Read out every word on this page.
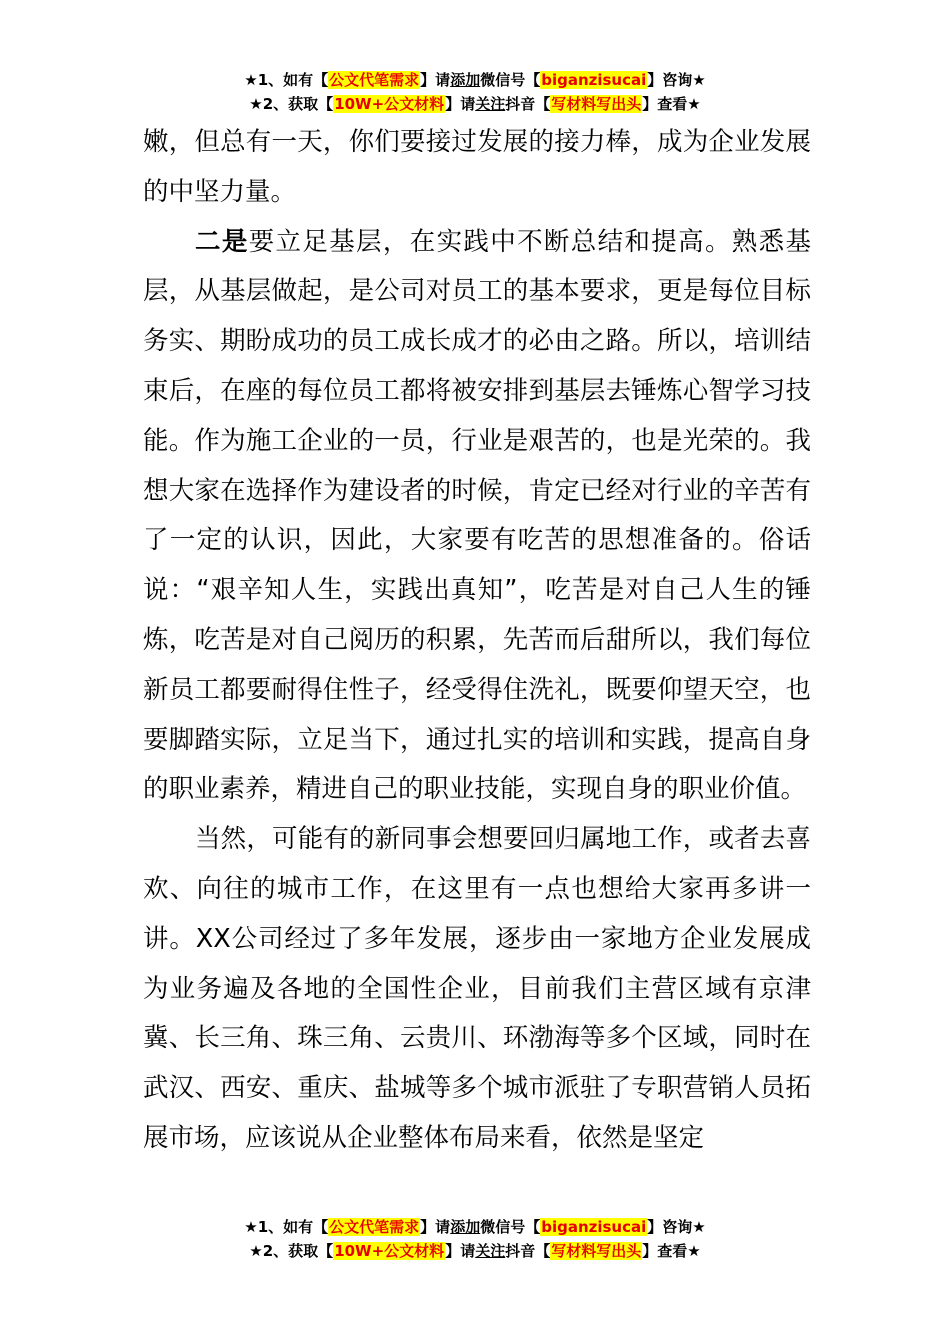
★1、如有【公文代笔需求】请添加微信号【biganzisucai】咨询★
★2、获取【10W+公文材料】请关注抖音【写材料写出头】查看★

嫩，但总有一天，你们要接过发展的接力棒，成为企业发展的中坚力量。

二是要立足基层，在实践中不断总结和提高。熟悉基层，从基层做起，是公司对员工的基本要求，更是每位目标务实、期盼成功的员工成长成才的必由之路。所以，培训结束后，在座的每位员工都将被安排到基层去锤炼心智学习技能。作为施工企业的一员，行业是艰苦的，也是光荣的。我想大家在选择作为建设者的时候，肯定已经对行业的辛苦有了一定的认识，因此，大家要有吃苦的思想准备的。俗话说：“艰辛知人生，实践出真知”，吃苦是对自己人生的锤炼，吃苦是对自己阅历的积累，先苦而后甜所以，我们每位新员工都要耐得住性子，经受得住洗礼，既要仰望天空，也要脚踏实际，立足当下，通过扎实的培训和实践，提高自身的职业素养，精进自己的职业技能，实现自身的职业价值。

当然，可能有的新同事会想要回归属地工作，或者去喜欢、向往的城市工作，在这里有一点也想给大家再多讲一讲。XX公司经过了多年发展，逐步由一家地方企业发展成为业务遍及各地的全国性企业，目前我们主营区域有京津冀、长三角、珠三角、云贵川、环渤海等多个区域，同时在武汉、西安、重庆、盐城等多个城市派驻了专职营销人员拓展市场，应该说从企业整体布局来看，依然是坚定

★1、如有【公文代笔需求】请添加微信号【biganzisucai】咨询★
★2、获取【10W+公文材料】请关注抖音【写材料写出头】查看★
